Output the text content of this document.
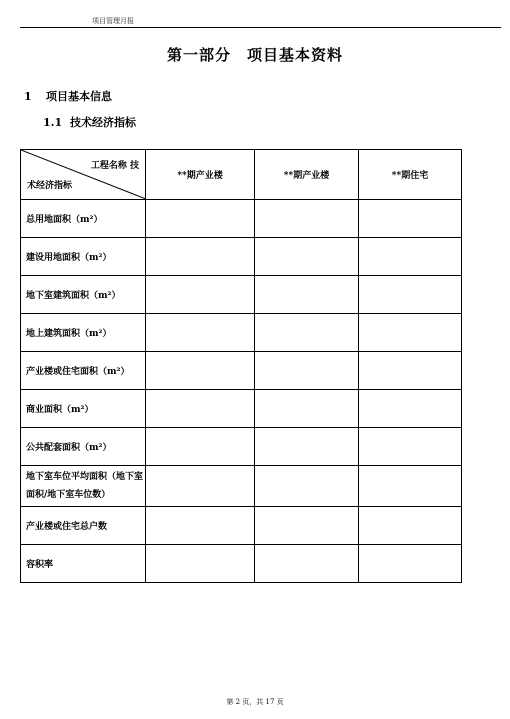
项目管理月报
第一部分　项目基本资料
1 项目基本信息
1.1 技术经济指标
工程名称 技
术经济指标	**期产业楼	**期产业楼	**期住宅
总用地面积（m²）			
建设用地面积（m²）			
地下室建筑面积（m²）			
地上建筑面积（m²）			
产业楼或住宅面积（m²）			
商业面积（m²）			
公共配套面积（m²）			
地下室车位平均面积（地下室面积/地下室车位数）			
产业楼或住宅总户数			
容积率			
第 2 页，共 17 页
